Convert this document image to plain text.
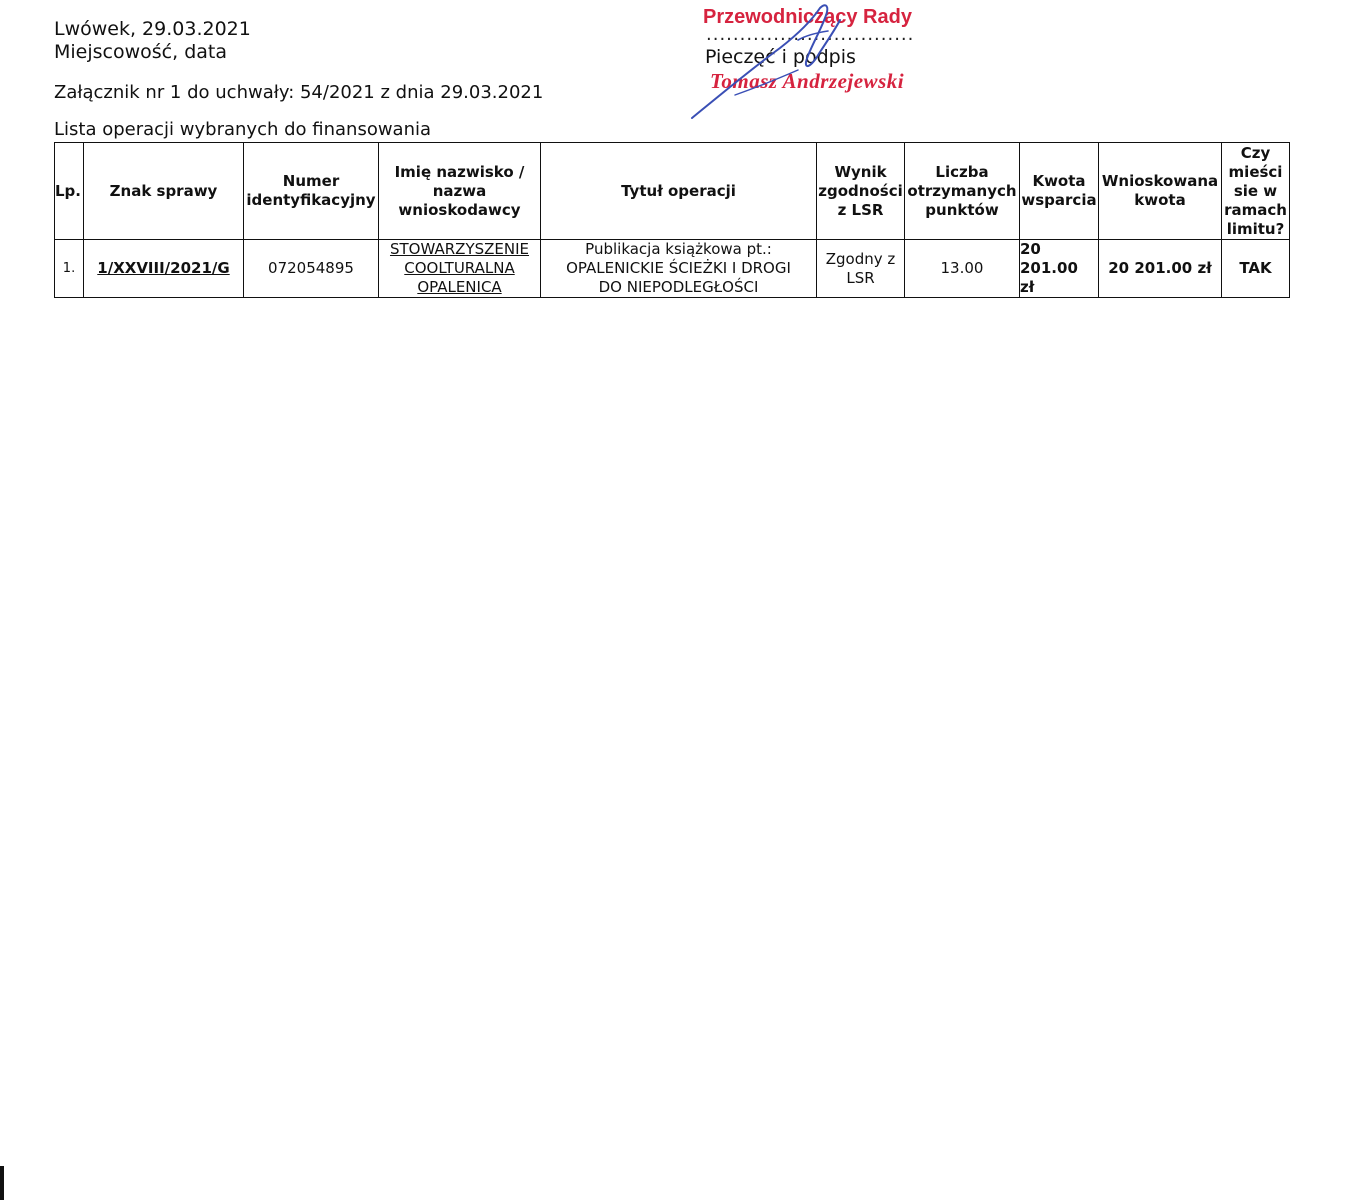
Lwówek, 29.03.2021
Miejscowość, data
Załącznik nr 1 do uchwały: 54/2021 z dnia 29.03.2021
Lista operacji wybranych do finansowania
Przewodniczący Rady
...............................
Pieczęć i podpis
Tomasz Andrzejewski
Lp.	Znak sprawy	Numer identyfikacyjny	Imię nazwisko / nazwa wnioskodawcy	Tytuł operacji	Wynik zgodności z LSR	Liczba otrzymanych punktów	Kwota wsparcia	Wnioskowana kwota	Czy mieści sie w ramach limitu?
1.	1/XXVIII/2021/G	072054895	STOWARZYSZENIE COOLTURALNA OPALENICA	Publikacja książkowa pt.: OPALENICKIE ŚCIEŻKI I DROGI DO NIEPODLEGŁOŚCI	Zgodny z LSR	13.00	20 201.00 zł	20 201.00 zł	TAK
